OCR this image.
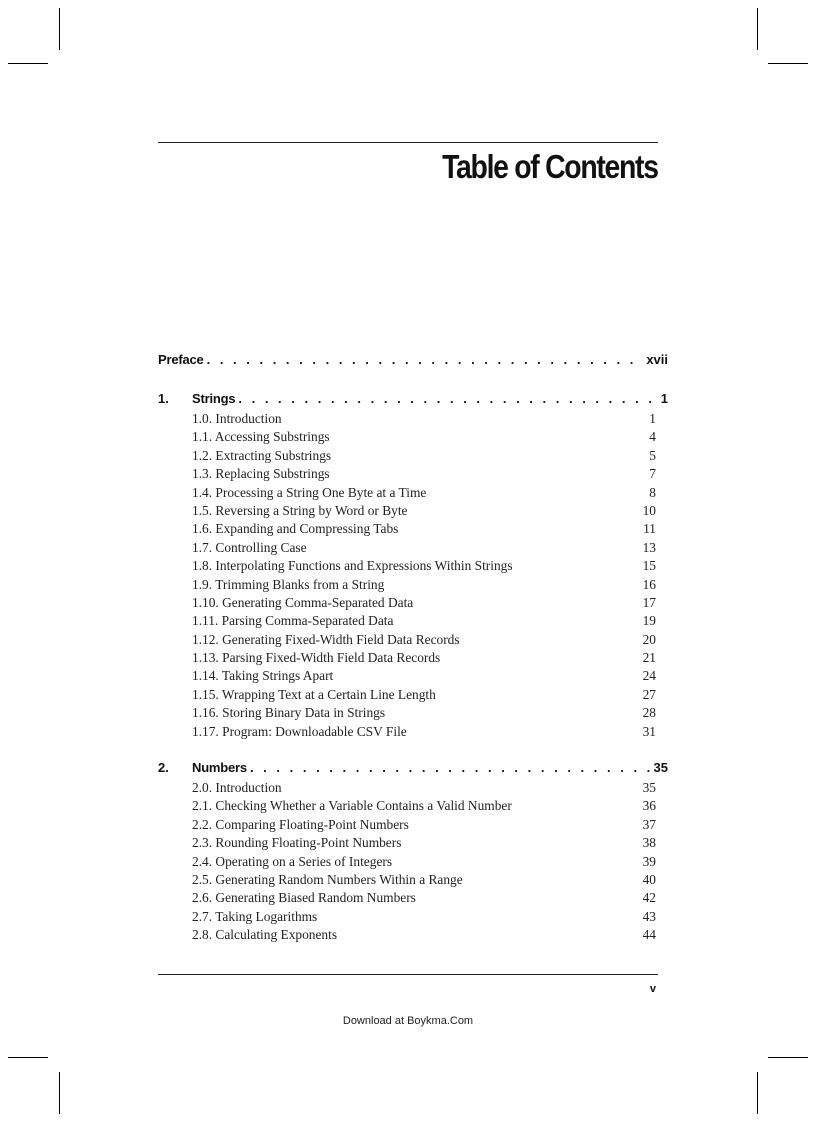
Table of Contents
Preface . . .	xvii
1.	Strings . . .	1
1.0. Introduction	1
1.1. Accessing Substrings	4
1.2. Extracting Substrings	5
1.3. Replacing Substrings	7
1.4. Processing a String One Byte at a Time	8
1.5. Reversing a String by Word or Byte	10
1.6. Expanding and Compressing Tabs	11
1.7. Controlling Case	13
1.8. Interpolating Functions and Expressions Within Strings	15
1.9. Trimming Blanks from a String	16
1.10. Generating Comma-Separated Data	17
1.11. Parsing Comma-Separated Data	19
1.12. Generating Fixed-Width Field Data Records	20
1.13. Parsing Fixed-Width Field Data Records	21
1.14. Taking Strings Apart	24
1.15. Wrapping Text at a Certain Line Length	27
1.16. Storing Binary Data in Strings	28
1.17. Program: Downloadable CSV File	31
2.	Numbers . . .	35
2.0. Introduction	35
2.1. Checking Whether a Variable Contains a Valid Number	36
2.2. Comparing Floating-Point Numbers	37
2.3. Rounding Floating-Point Numbers	38
2.4. Operating on a Series of Integers	39
2.5. Generating Random Numbers Within a Range	40
2.6. Generating Biased Random Numbers	42
2.7. Taking Logarithms	43
2.8. Calculating Exponents	44
v
Download at Boykma.Com
